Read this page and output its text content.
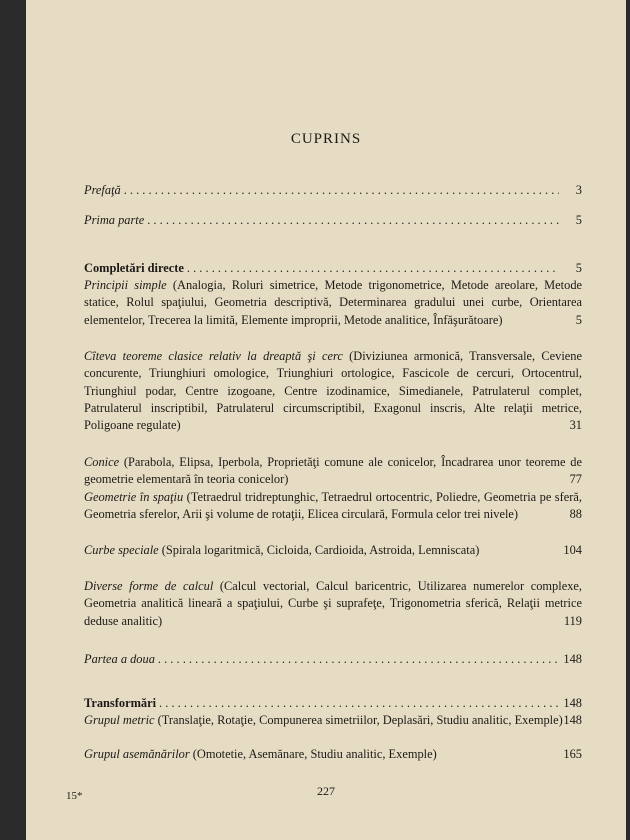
CUPRINS
Prefaţă . . .	3
Prima parte . . .	5
Completări directe . . .	5
Principii simple (Analogia, Roluri simetrice, Metode trigonometrice, Metode areolare, Metode statice, Rolul spaţiului, Geometria descriptivă, Determinarea gradului unei curbe, Orientarea elementelor, Trecerea la limită, Elemente improprii, Metode analitice, Înfăşurătoare)	5
Cîteva teoreme clasice relativ la dreaptă şi cerc (Diviziunea armonică, Transversale, Ceviene concurente, Triunghiuri omologice, Triunghiuri ortologice, Fascicole de cercuri, Ortocentrul, Triunghiul podar, Centre izogoane, Centre izodinamice, Simedianele, Patrulaterul complet, Patrulaterul inscriptibil, Patrulaterul circumscriptibil, Exagonul inscris, Alte relaţii metrice, Poligoane regulate)	31
Conice (Parabola, Elipsa, Iperbola, Proprietăţi comune ale conicelor, Încadrarea unor teoreme de geometrie elementară în teoria conicelor)	77
Geometrie în spaţiu (Tetraedrul tridreptunghic, Tetraedrul ortocentric, Poliedre, Geometria pe sferă, Geometria sferelor, Arii şi volume de rotaţii, Elicea circulară, Formula celor trei nivele)	88
Curbe speciale (Spirala logaritmică, Cicloida, Cardioida, Astroida, Lemniscata)	104
Diverse forme de calcul (Calcul vectorial, Calcul baricentric, Utilizarea numerelor complexe, Geometria analitică lineară a spaţiului, Curbe şi suprafeţe, Trigonometria sferică, Relaţii metrice deduse analitic)	119
Partea a doua . . .	148
Transformări . . .	148
Grupul metric (Translaţie, Rotaţie, Compunerea simetriilor, Deplasări, Studiu analitic, Exemple) 148
Grupul asemănărilor (Omotetie, Asemănare, Studiu analitic, Exemple)	165
15*	227
